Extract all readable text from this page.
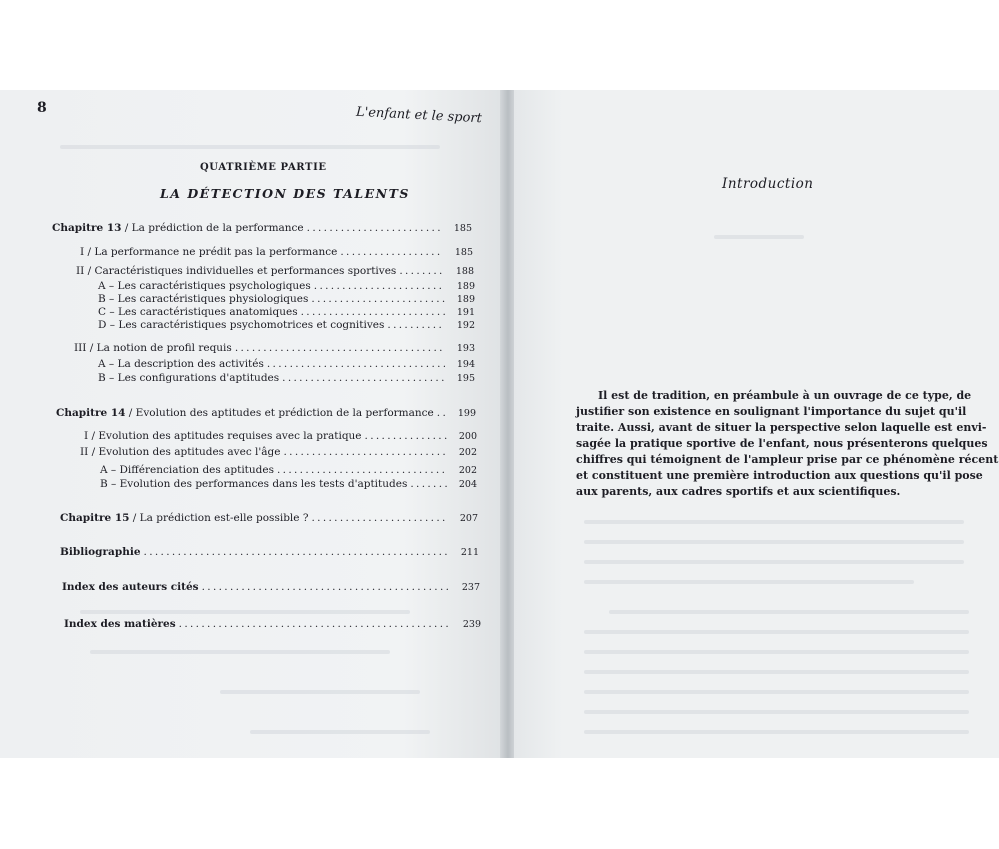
8	L'enfant et le sport
QUATRIÈME PARTIE
LA DÉTECTION DES TALENTS
Chapitre 13 / La prédiction de la performance . . .	185
I / La performance ne prédit pas la performance . . .	185
II / Caractéristiques individuelles et performances sportives . . .	188
A – Les caractéristiques psychologiques . . .	189
B – Les caractéristiques physiologiques . . .	189
C – Les caractéristiques anatomiques . . .	191
D – Les caractéristiques psychomotrices et cognitives . . .	192
III / La notion de profil requis . . .	193
A – La description des activités . . .	194
B – Les configurations d'aptitudes . . .	195
Chapitre 14 / Evolution des aptitudes et prédiction de la performance . . .	199
I / Evolution des aptitudes requises avec la pratique . . .	200
II / Evolution des aptitudes avec l'âge . . .	202
A – Différenciation des aptitudes . . .	202
B – Evolution des performances dans les tests d'aptitudes . . .	204
Chapitre 15 / La prédiction est-elle possible ? . . .	207
Bibliographie . . .	211
Index des auteurs cités . . .	237
Index des matières . . .	239
Introduction
Il est de tradition, en préambule à un ouvrage de ce type, de
justifier son existence en soulignant l'importance du sujet qu'il
traite. Aussi, avant de situer la perspective selon laquelle est envi-
sagée la pratique sportive de l'enfant, nous présenterons quelques
chiffres qui témoignent de l'ampleur prise par ce phénomène récent
et constituent une première introduction aux questions qu'il pose
aux parents, aux cadres sportifs et aux scientifiques.
